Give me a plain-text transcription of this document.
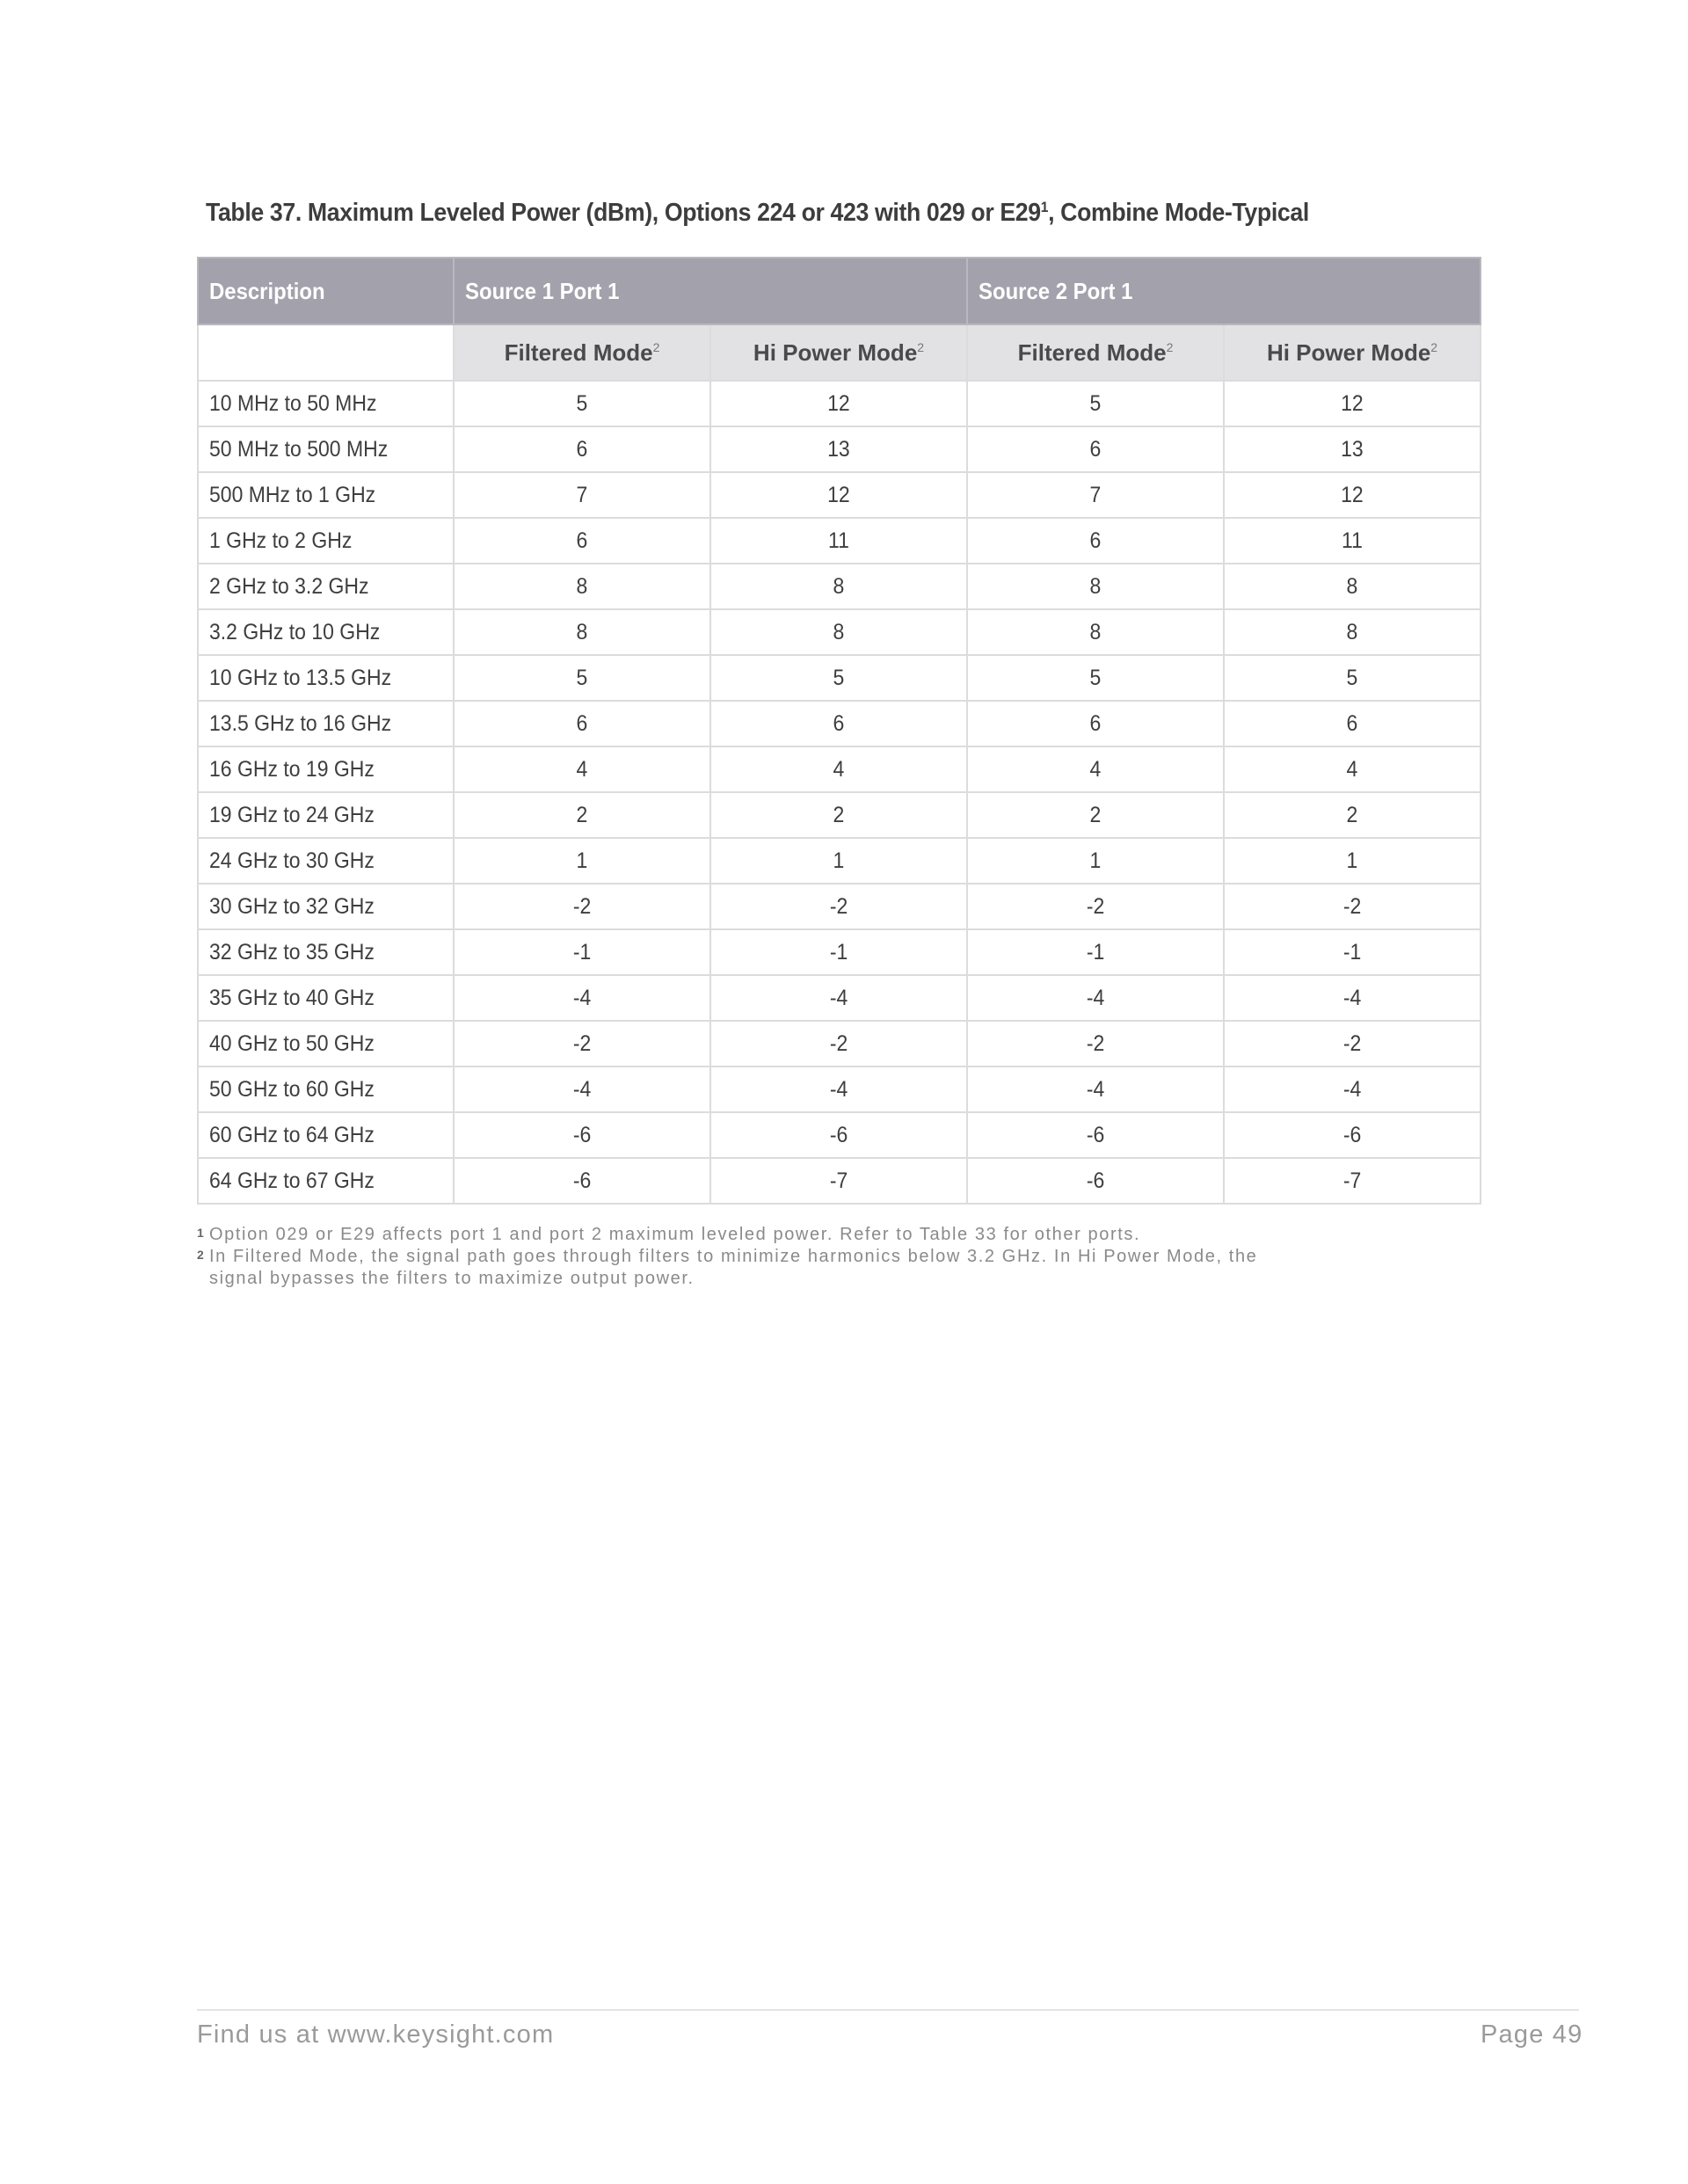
Table 37. Maximum Leveled Power (dBm), Options 224 or 423 with 029 or $E29^1$, Combine Mode-Typical
Description	Source 1 Port 1		Source 2 Port 1	
	Filtered Mode$^2$	Hi Power Mode$^2$	Filtered Mode$^2$	Hi Power Mode$^2$
10 MHz to 50 MHz	5	12	5	12
50 MHz to 500 MHz	6	13	6	13
500 MHz to 1 GHz	7	12	7	12
1 GHz to 2 GHz	6	11	6	11
2 GHz to 3.2 GHz	8	8	8	8
3.2 GHz to 10 GHz	8	8	8	8
10 GHz to 13.5 GHz	5	5	5	5
13.5 GHz to 16 GHz	6	6	6	6
16 GHz to 19 GHz	4	4	4	4
19 GHz to 24 GHz	2	2	2	2
24 GHz to 30 GHz	1	1	1	1
30 GHz to 32 GHz	-2	-2	-2	-2
32 GHz to 35 GHz	-1	-1	-1	-1
35 GHz to 40 GHz	-4	-4	-4	-4
40 GHz to 50 GHz	-2	-2	-2	-2
50 GHz to 60 GHz	-4	-4	-4	-4
60 GHz to 64 GHz	-6	-6	-6	-6
64 GHz to 67 GHz	-6	-7	-6	-7
1 Option 029 or E29 affects port 1 and port 2 maximum leveled power. Refer to Table 33 for other ports.
2 In Filtered Mode, the signal path goes through filters to minimize harmonics below 3.2 GHz. In Hi Power Mode, the
signal bypasses the filters to maximize output power.
Find us at www.keysight.com	Page 49
